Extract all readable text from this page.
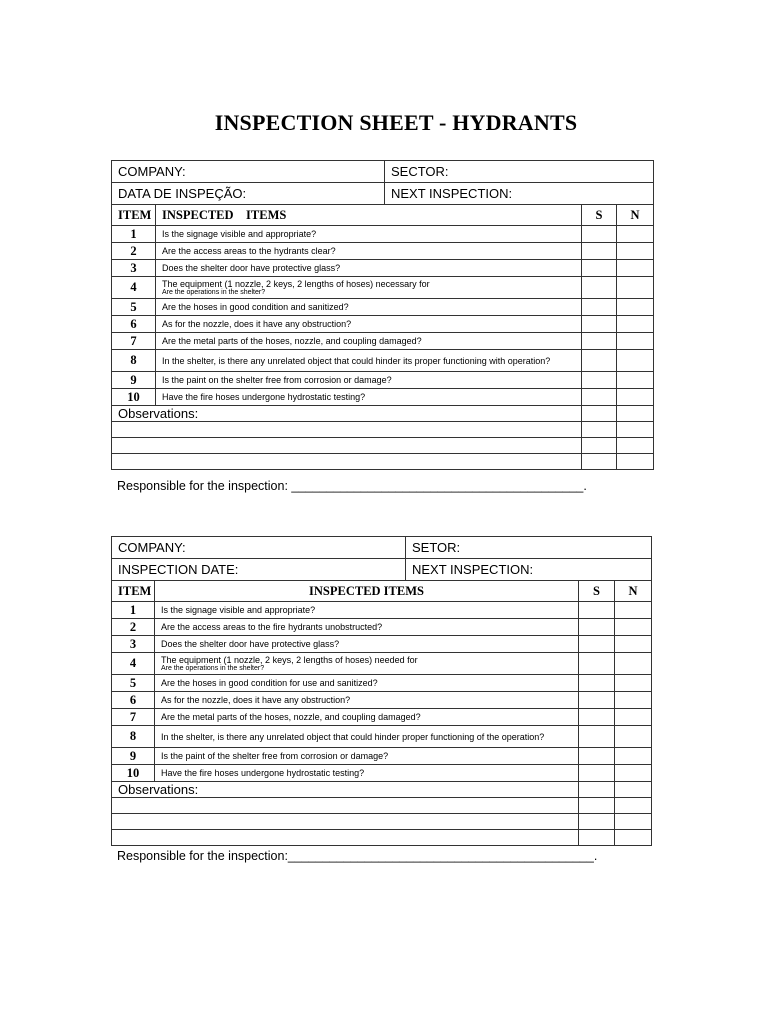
INSPECTION SHEET - HYDRANTS
COMPANY:	SECTOR:
DATA DE INSPEÇÃO:	NEXT INSPECTION:
ITEM	INSPECTED    ITEMS	S	N
1	Is the signage visible and appropriate?		
2	Are the access areas to the hydrants clear?		
3	Does the shelter door have protective glass?		
4	The equipment (1 nozzle, 2 keys, 2 lengths of hoses) necessary for
Are the operations in the shelter?		

5	Are the hoses in good condition and sanitized?		
6	As for the nozzle, does it have any obstruction?		
7	Are the metal parts of the hoses, nozzle, and coupling damaged?		
8	In the shelter, is there any unrelated object that could hinder its proper functioning with operation?		
9	Is the paint on the shelter free from corrosion or damage?		
10	Have the fire hoses undergone hydrostatic testing?		
Observations:			

Responsible for the inspection: __________________________________________.
COMPANY:	SETOR:
INSPECTION DATE:	NEXT INSPECTION:
ITEM	INSPECTED ITEMS	S	N
1	Is the signage visible and appropriate?		
2	Are the access areas to the fire hydrants unobstructed?		
3	Does the shelter door have protective glass?		
4	The equipment (1 nozzle, 2 keys, 2 lengths of hoses) needed for
Are the operations in the shelter?		

5	Are the hoses in good condition for use and sanitized?		
6	As for the nozzle, does it have any obstruction?		
7	Are the metal parts of the hoses, nozzle, and coupling damaged?		
8	In the shelter, is there any unrelated object that could hinder proper functioning of the operation?		
9	Is the paint of the shelter free from corrosion or damage?		
10	Have the fire hoses undergone hydrostatic testing?		
Observations:			

Responsible for the inspection:____________________________________________.
